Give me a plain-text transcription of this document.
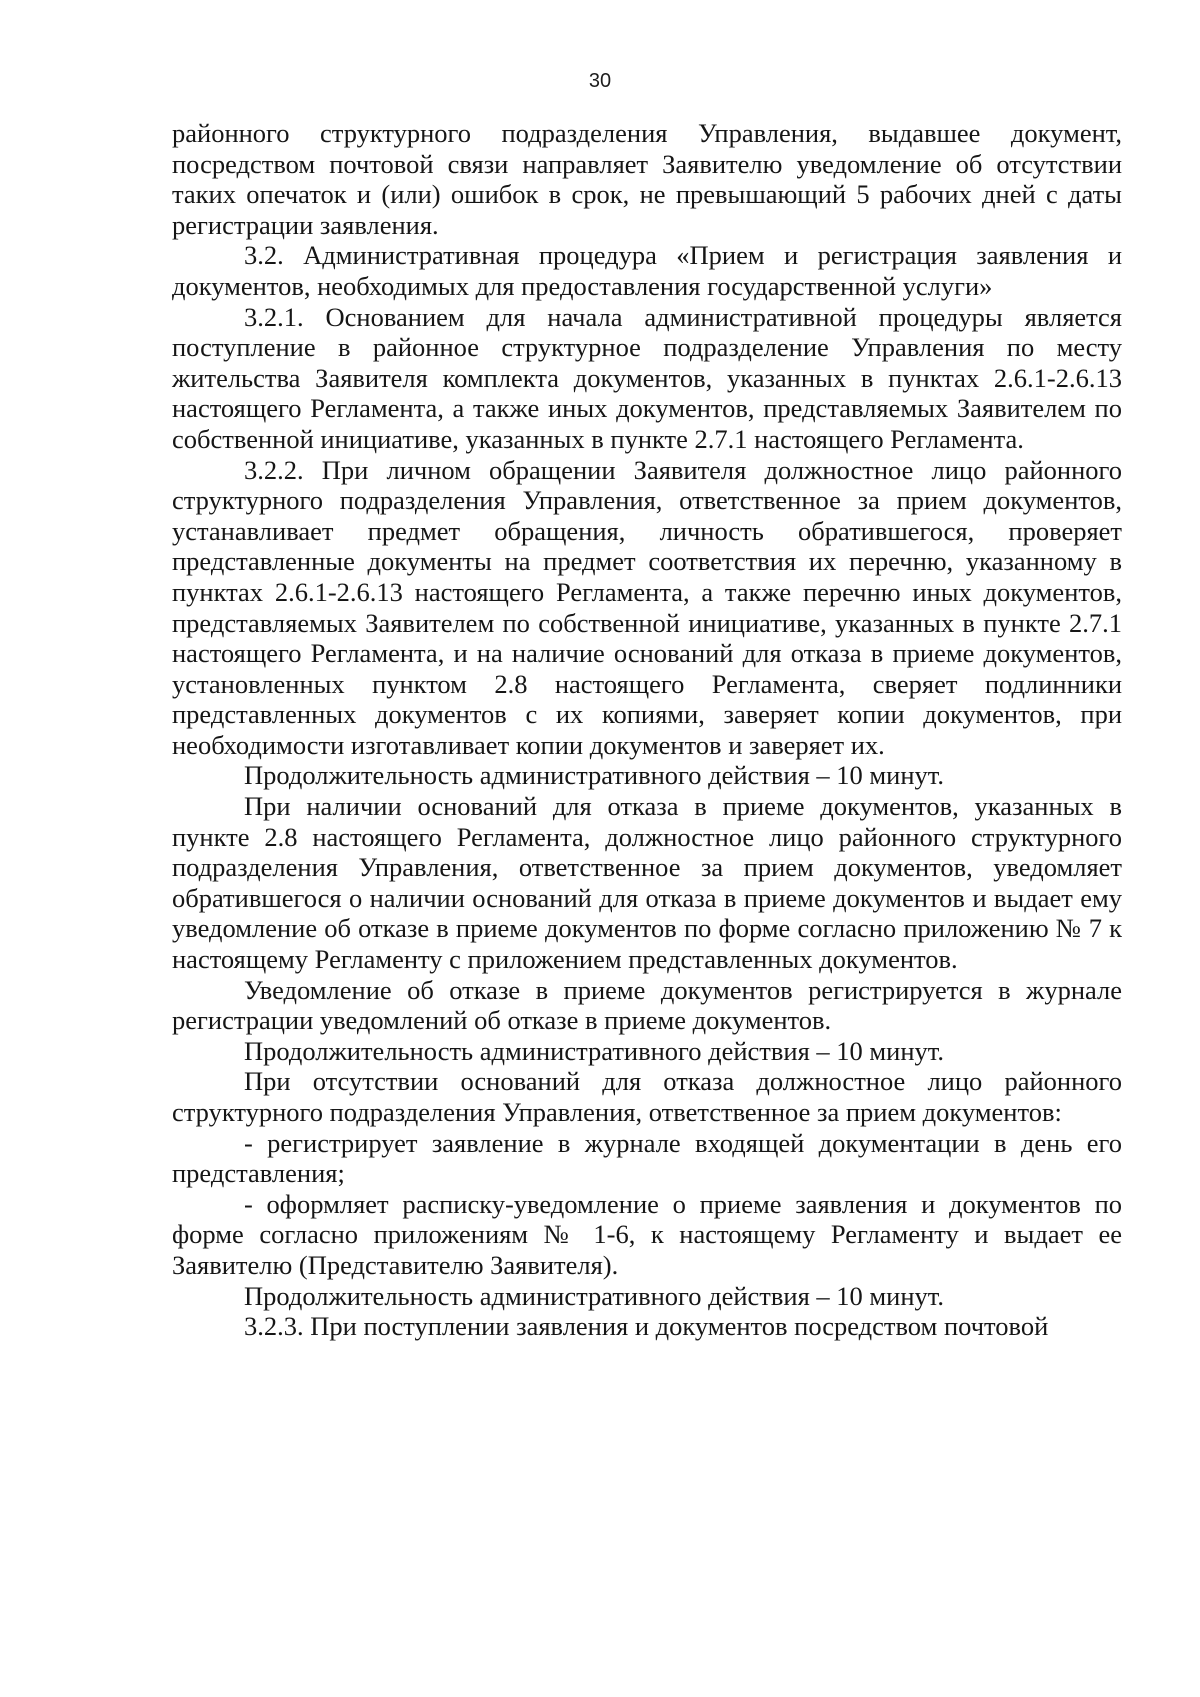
30

районного структурного подразделения Управления, выдавшее документ, посредством почтовой связи направляет Заявителю уведомление об отсутствии таких опечаток и (или) ошибок в срок, не превышающий 5 рабочих дней с даты регистрации заявления.

3.2. Административная процедура «Прием и регистрация заявления и документов, необходимых для предоставления государственной услуги»

3.2.1. Основанием для начала административной процедуры является поступление в районное структурное подразделение Управления по месту жительства Заявителя комплекта документов, указанных в пунктах 2.6.1-2.6.13 настоящего Регламента, а также иных документов, представляемых Заявителем по собственной инициативе, указанных в пункте 2.7.1 настоящего Регламента.

3.2.2. При личном обращении Заявителя должностное лицо районного структурного подразделения Управления, ответственное за прием документов, устанавливает предмет обращения, личность обратившегося, проверяет представленные документы на предмет соответствия их перечню, указанному в пунктах 2.6.1-2.6.13 настоящего Регламента, а также перечню иных документов, представляемых Заявителем по собственной инициативе, указанных в пункте 2.7.1 настоящего Регламента, и на наличие оснований для отказа в приеме документов, установленных пунктом 2.8 настоящего Регламента, сверяет подлинники представленных документов с их копиями, заверяет копии документов, при необходимости изготавливает копии документов и заверяет их.

Продолжительность административного действия – 10 минут.

При наличии оснований для отказа в приеме документов, указанных в пункте 2.8 настоящего Регламента, должностное лицо районного структурного подразделения Управления, ответственное за прием документов, уведомляет обратившегося о наличии оснований для отказа в приеме документов и выдает ему уведомление об отказе в приеме документов по форме согласно приложению № 7 к настоящему Регламенту с приложением представленных документов.

Уведомление об отказе в приеме документов регистрируется в журнале регистрации уведомлений об отказе в приеме документов.

Продолжительность административного действия – 10 минут.

При отсутствии оснований для отказа должностное лицо районного структурного подразделения Управления, ответственное за прием документов:

- регистрирует заявление в журнале входящей документации в день его представления;

- оформляет расписку-уведомление о приеме заявления и документов по форме согласно приложениям № 1-6, к настоящему Регламенту и выдает ее Заявителю (Представителю Заявителя).

Продолжительность административного действия – 10 минут.

3.2.3. При поступлении заявления и документов посредством почтовой
